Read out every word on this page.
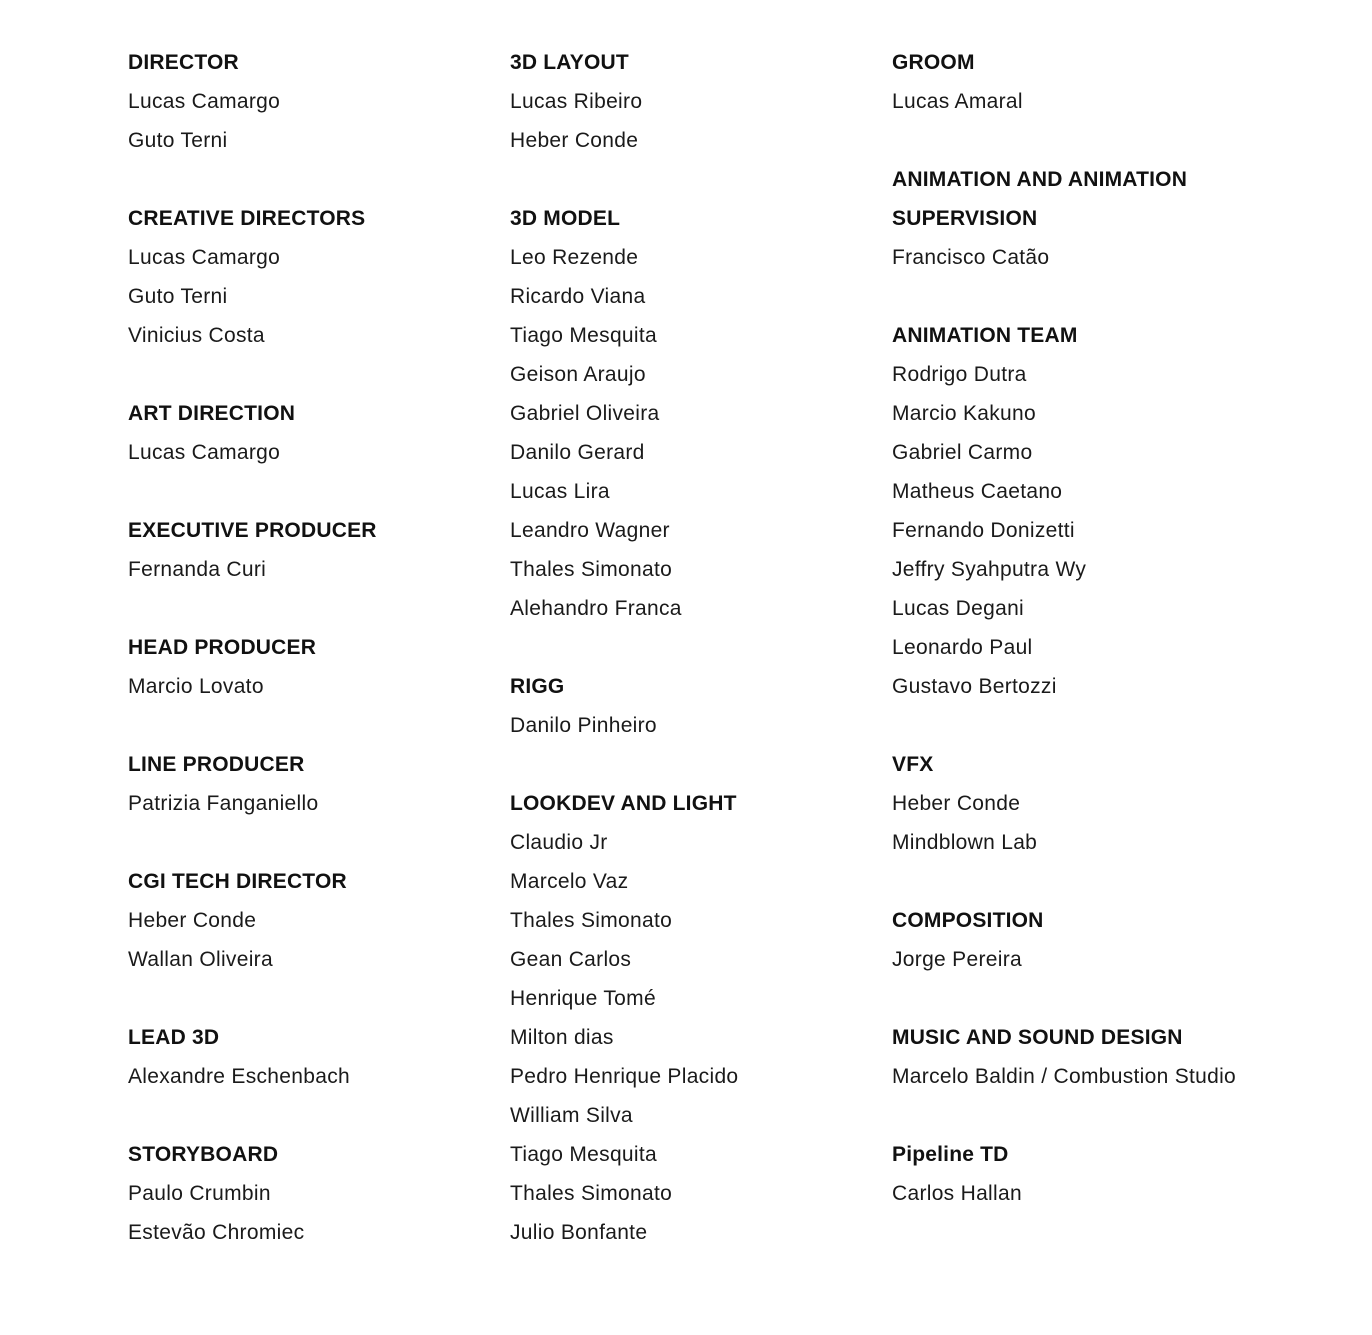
DIRECTOR
Lucas Camargo
Guto Terni
CREATIVE DIRECTORS
Lucas Camargo
Guto Terni
Vinicius Costa
ART DIRECTION
Lucas Camargo
EXECUTIVE PRODUCER
Fernanda Curi
HEAD PRODUCER
Marcio Lovato
LINE PRODUCER
Patrizia Fanganiello
CGI TECH DIRECTOR
Heber Conde
Wallan Oliveira
LEAD 3D
Alexandre Eschenbach
STORYBOARD
Paulo Crumbin
Estevão Chromiec
3D LAYOUT
Lucas Ribeiro
Heber Conde
3D MODEL
Leo Rezende
Ricardo Viana
Tiago Mesquita
Geison Araujo
Gabriel Oliveira
Danilo Gerard
Lucas Lira
Leandro Wagner
Thales Simonato
Alehandro Franca
RIGG
Danilo Pinheiro
LOOKDEV AND LIGHT
Claudio Jr
Marcelo Vaz
Thales Simonato
Gean Carlos
Henrique Tomé
Milton dias
Pedro Henrique Placido
William Silva
Tiago Mesquita
Thales Simonato
Julio Bonfante
GROOM
Lucas Amaral
ANIMATION AND ANIMATION SUPERVISION
Francisco Catão
ANIMATION TEAM
Rodrigo Dutra
Marcio Kakuno
Gabriel Carmo
Matheus Caetano
Fernando Donizetti
Jeffry Syahputra Wy
Lucas Degani
Leonardo Paul
Gustavo Bertozzi
VFX
Heber Conde
Mindblown Lab
COMPOSITION
Jorge Pereira
MUSIC AND SOUND DESIGN
Marcelo Baldin / Combustion Studio
Pipeline TD
Carlos Hallan
